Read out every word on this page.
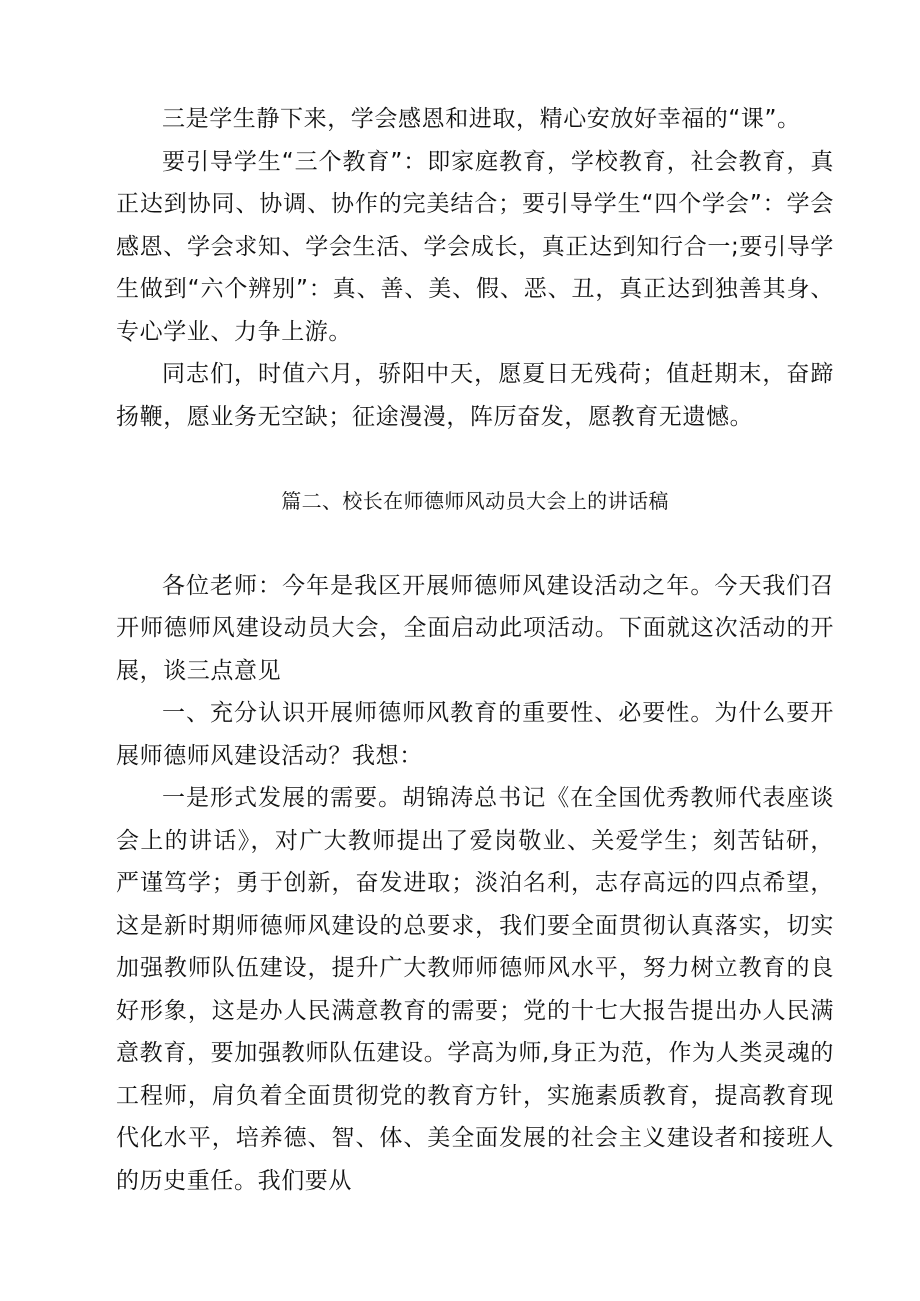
三是学生静下来，学会感恩和进取，精心安放好幸福的“课”。

要引导学生“三个教育”：即家庭教育，学校教育，社会教育，真正达到协同、协调、协作的完美结合；要引导学生“四个学会”：学会感恩、学会求知、学会生活、学会成长，真正达到知行合一;要引导学生做到“六个辨别”：真、善、美、假、恶、丑，真正达到独善其身、专心学业、力争上游。

同志们，时值六月，骄阳中天，愿夏日无残荷；值赶期末，奋蹄扬鞭，愿业务无空缺；征途漫漫，阵厉奋发，愿教育无遗憾。

篇二、校长在师德师风动员大会上的讲话稿

各位老师：今年是我区开展师德师风建设活动之年。今天我们召开师德师风建设动员大会，全面启动此项活动。下面就这次活动的开展，谈三点意见

一、充分认识开展师德师风教育的重要性、必要性。为什么要开展师德师风建设活动？我想：

一是形式发展的需要。胡锦涛总书记《在全国优秀教师代表座谈会上的讲话》，对广大教师提出了爱岗敬业、关爱学生；刻苦钻研，严谨笃学；勇于创新，奋发进取；淡泊名利，志存高远的四点希望，这是新时期师德师风建设的总要求，我们要全面贯彻认真落实，切实加强教师队伍建设，提升广大教师师德师风水平，努力树立教育的良好形象，这是办人民满意教育的需要；党的十七大报告提出办人民满意教育，要加强教师队伍建设。学高为师,身正为范，作为人类灵魂的工程师，肩负着全面贯彻党的教育方针，实施素质教育，提高教育现代化水平，培养德、智、体、美全面发展的社会主义建设者和接班人的历史重任。我们要从
